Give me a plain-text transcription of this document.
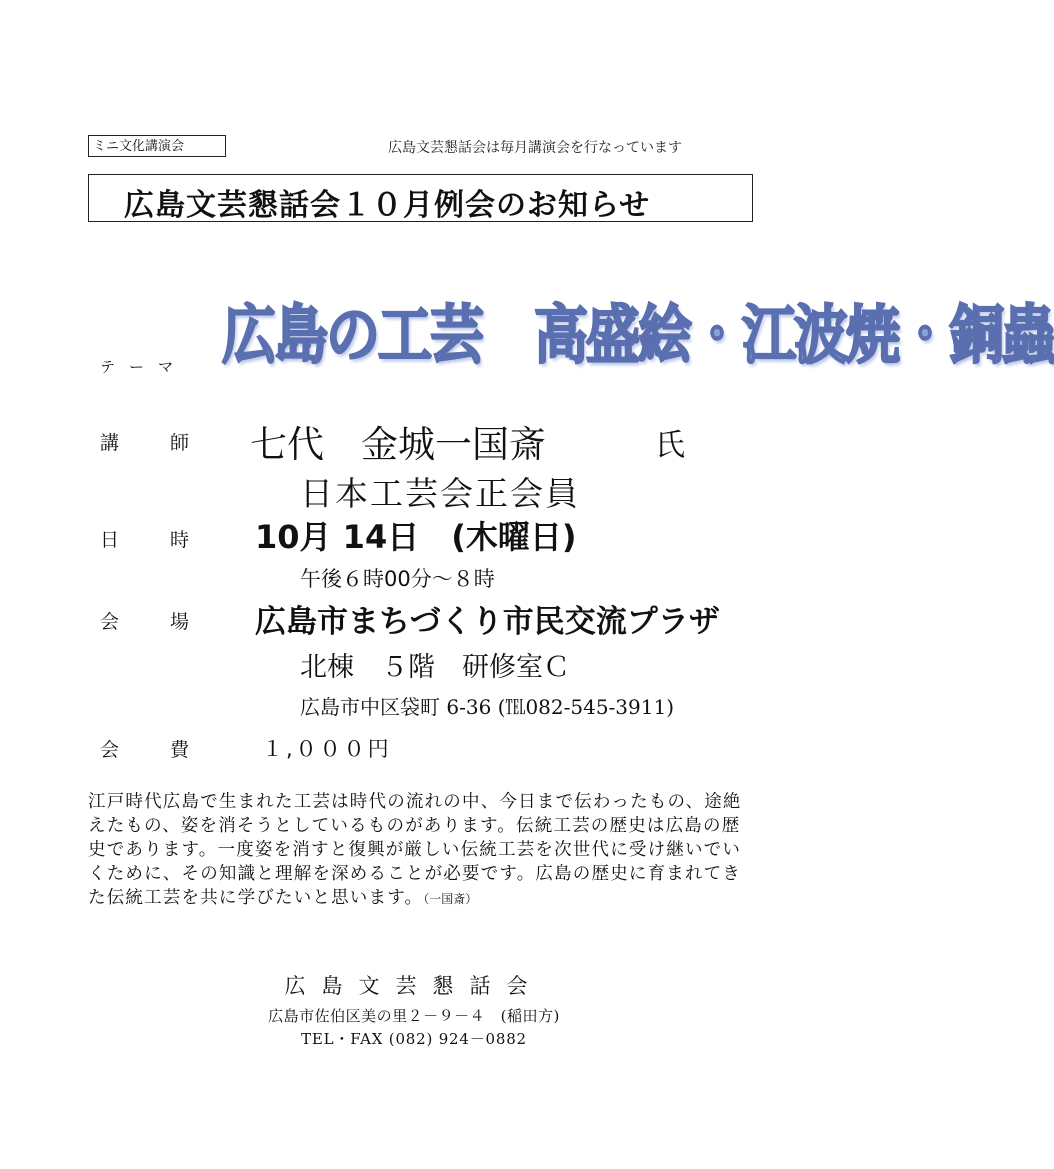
ミニ文化講演会	広島文芸懇話会は毎月講演会を行なっています
広島文芸懇話会１０月例会のお知らせ
テーマ 広島の工芸　高盛絵・江波焼・銅蟲
講	師 七代　金城一国斎	氏
日本工芸会正会員
日	時 10月 14日　(木曜日)
午後６時00分～８時
会	場 広島市まちづくり市民交流プラザ
北棟　５階　研修室Ｃ
広島市中区袋町 6-36 (℡082-545-3911)
会	費	１,０００円
江戸時代広島で生まれた工芸は時代の流れの中、今日まで伝わったもの、途絶えたもの、姿を消そうとしているものがあります。伝統工芸の歴史は広島の歴史であります。一度姿を消すと復興が厳しい伝統工芸を次世代に受け継いでいくために、その知識と理解を深めることが必要です。広島の歴史に育まれてきた伝統工芸を共に学びたいと思います。（一国斎）
広島文芸懇話会
広島市佐伯区美の里２－９－４　(稲田方)
TEL・FAX (082) 924－0882
